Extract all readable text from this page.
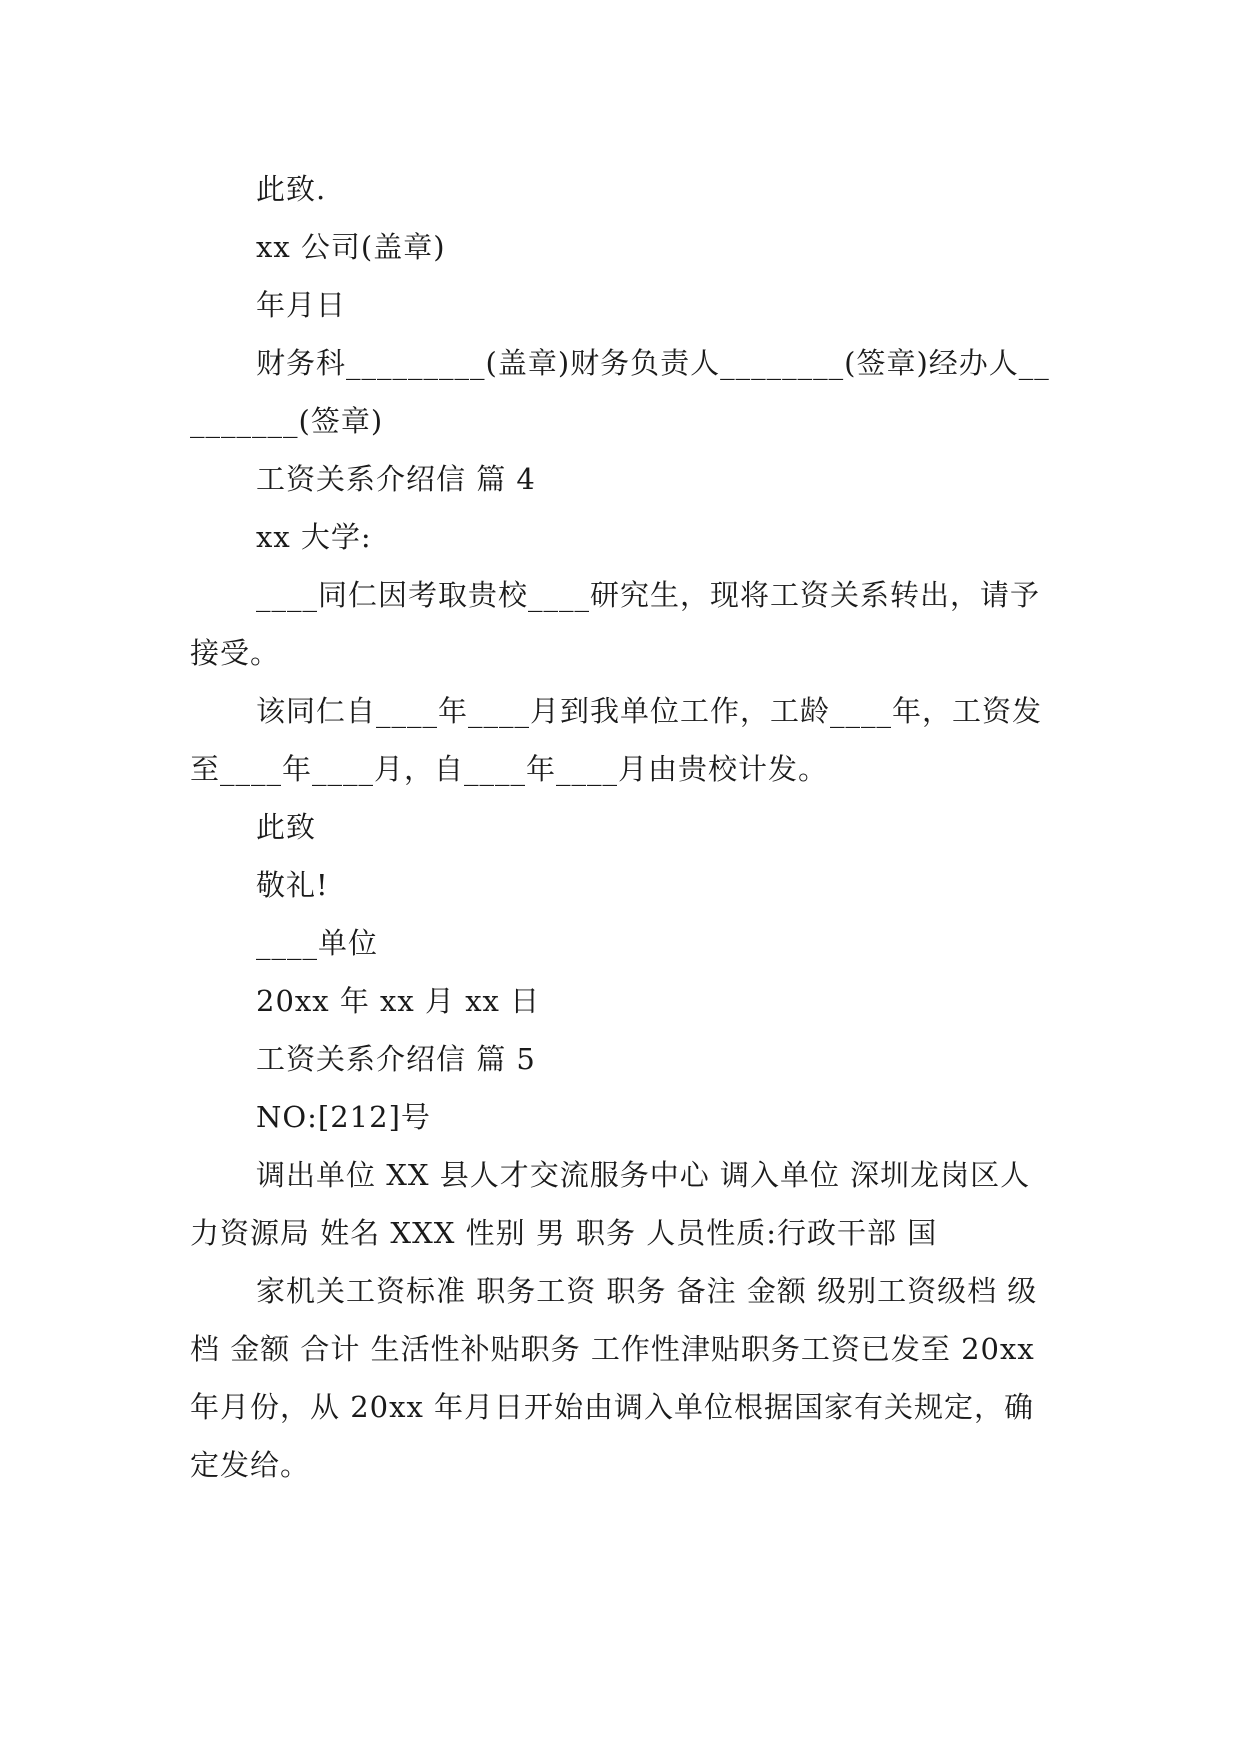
此致.

xx 公司(盖章)

年月日

财务科_________(盖章)财务负责人________(签章)经办人_________(签章)

工资关系介绍信 篇 4

xx 大学:

____同仁因考取贵校____研究生，现将工资关系转出，请予接受。

该同仁自____年____月到我单位工作，工龄____年，工资发至____年____月，自____年____月由贵校计发。

此致

敬礼!

____单位

20xx 年 xx 月 xx 日

工资关系介绍信 篇 5

NO:[212]号

调出单位 XX 县人才交流服务中心 调入单位 深圳龙岗区人力资源局 姓名 XXX 性别 男 职务 人员性质:行政干部 国

家机关工资标准 职务工资 职务 备注 金额 级别工资级档 级 档 金额 合计 生活性补贴职务 工作性津贴职务工资已发至 20xx 年月份，从 20xx 年月日开始由调入单位根据国家有关规定，确定发给。
